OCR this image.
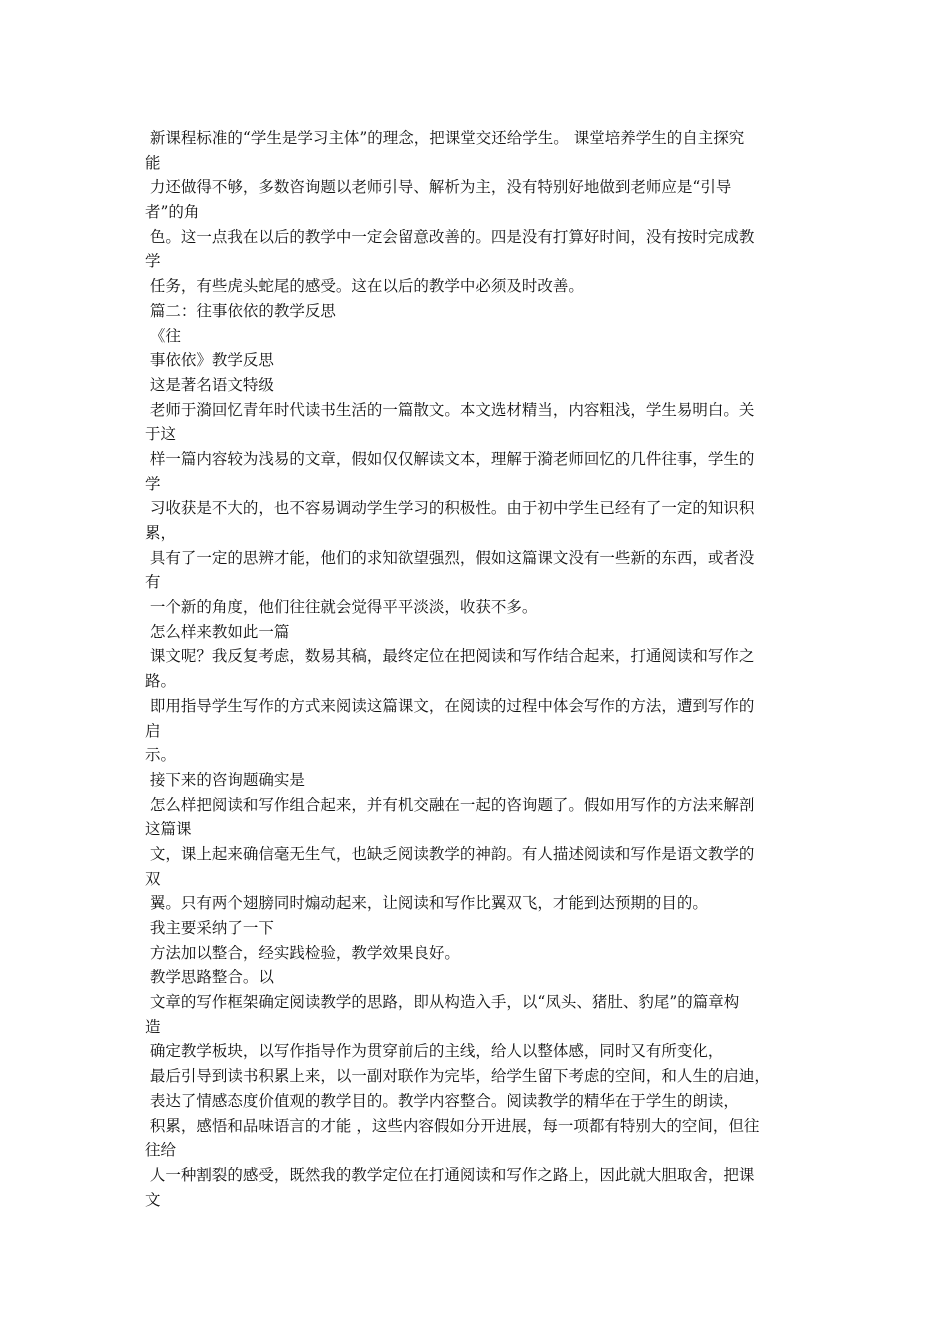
新课程标准的“学生是学习主体”的理念，把课堂交还给学生。 课堂培养学生的自主探究
能
力还做得不够，多数咨询题以老师引导、解析为主，没有特别好地做到老师应是“引导
者”的角
色。这一点我在以后的教学中一定会留意改善的。四是没有打算好时间，没有按时完成教
学
任务，有些虎头蛇尾的感受。这在以后的教学中必须及时改善。
篇二：往事依依的教学反思
《往
事依依》教学反思
这是著名语文特级
老师于漪回忆青年时代读书生活的一篇散文。本文选材精当，内容粗浅，学生易明白。关
于这
样一篇内容较为浅易的文章，假如仅仅解读文本，理解于漪老师回忆的几件往事，学生的
学
习收获是不大的，也不容易调动学生学习的积极性。由于初中学生已经有了一定的知识积
累，
具有了一定的思辨才能，他们的求知欲望强烈，假如这篇课文没有一些新的东西，或者没
有
一个新的角度，他们往往就会觉得平平淡淡，收获不多。
怎么样来教如此一篇
课文呢？我反复考虑，数易其稿，最终定位在把阅读和写作结合起来，打通阅读和写作之
路。
即用指导学生写作的方式来阅读这篇课文，在阅读的过程中体会写作的方法，遭到写作的
启
示。
接下来的咨询题确实是
怎么样把阅读和写作组合起来，并有机交融在一起的咨询题了。假如用写作的方法来解剖
这篇课
文，课上起来确信毫无生气，也缺乏阅读教学的神韵。有人描述阅读和写作是语文教学的
双
翼。只有两个翅膀同时煽动起来，让阅读和写作比翼双飞，才能到达预期的目的。
我主要采纳了一下
方法加以整合，经实践检验，教学效果良好。
教学思路整合。以
文章的写作框架确定阅读教学的思路，即从构造入手，以“凤头、猪肚、豹尾”的篇章构
造
确定教学板块，以写作指导作为贯穿前后的主线，给人以整体感，同时又有所变化，
最后引导到读书积累上来，以一副对联作为完毕，给学生留下考虑的空间，和人生的启迪，
表达了情感态度价值观的教学目的。教学内容整合。阅读教学的精华在于学生的朗读，
积累，感悟和品味语言的才能 ，这些内容假如分开进展，每一项都有特别大的空间，但往
往给
人一种割裂的感受，既然我的教学定位在打通阅读和写作之路上，因此就大胆取舍，把课
文
